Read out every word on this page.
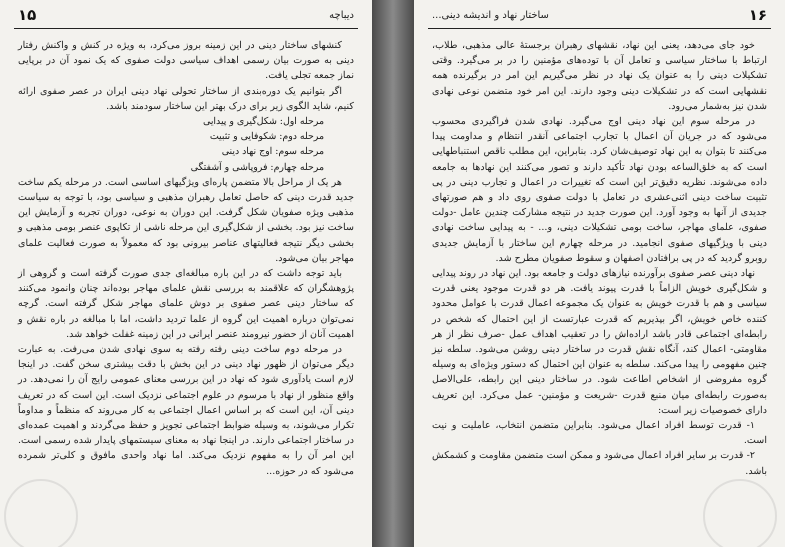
۱۵	دیباچه

کنشهای ساختار دینی در این زمینه بروز می‌کرد، به ویژه در کنش و واکنش رفتار دینی به صورت بیان رسمی اهداف سیاسی دولت صفوی که یک نمود آن در برپایی نماز جمعه تجلی یافت.

اگر بتوانیم یک دوره‌بندی از ساختار تحولی نهاد دینی ایران در عصر صفوی ارائه کنیم، شاید الگوی زیر برای درک بهتر این ساختار سودمند باشد.

مرحله اول: شکل‌گیری و پیدایی

مرحله دوم: شکوفایی و تثبیت

مرحله سوم: اوج نهاد دینی

مرحله چهارم: فروپاشی و آشفتگی

هر یک از مراحل بالا متضمن پاره‌ای ویژگیهای اساسی است. در مرحله یکم ساخت جدید قدرت دینی که حاصل تعامل رهبران مذهبی و سیاسی بود، با توجه به سیاست مذهبی ویژه صفویان شکل گرفت. این دوران به نوعی، دوران تجربه و آزمایش این ساخت نیز بود. بخشی از شکل‌گیری این مرحله ناشی از تکاپوی عنصر بومی مذهبی و بخشی دیگر نتیجه فعالیتهای عناصر بیرونی بود که معمولاً به صورت فعالیت علمای مهاجر بیان می‌شود.

باید توجه داشت که در این باره مبالغه‌ای جدی صورت گرفته است و گروهی از پژوهشگران که علاقمند به بررسی نقش علمای مهاجر بوده‌اند چنان وانمود می‌کنند که ساختار دینی عصر صفوی بر دوش علمای مهاجر شکل گرفته است. گرچه نمی‌توان درباره اهمیت این گروه از علما تردید داشت، اما با مبالغه در باره نقش و اهمیت آنان از حضور نیرومند عنصر ایرانی در این زمینه غفلت خواهد شد.

در مرحله دوم ساخت دینی رفته رفته به سوی نهادی شدن می‌رفت. به عبارت دیگر می‌توان از ظهور نهاد دینی در این بخش با دقت بیشتری سخن گفت. در اینجا لازم است یادآوری شود که نهاد در این بررسی معنای عمومی رایج آن را نمی‌دهد. در واقع منظور از نهاد با مرسوم در علوم اجتماعی نزدیک است. این است که در تعریف دینی آن، این است که بر اساس اعمال اجتماعی به کار می‌روند که منظماً و مداوماً تکرار می‌شوند، به وسیله ضوابط اجتماعی تجویز و حفظ می‌گردند و اهمیت عمده‌ای در ساختار اجتماعی دارند. در اینجا نهاد به معنای سیستمهای پایدار شده رسمی است. این امر آن را به مفهوم نزدیک می‌کند. اما نهاد واحدی مافوق و کلی‌تر شمرده می‌شود که در حوزه...

۱۶
ساختار نهاد و اندیشه دینی...

خود جای می‌دهد، یعنی این نهاد، نقشهای رهبران برجستهٔ عالی مذهبی، طلاب، ارتباط با ساختار سیاسی و تعامل آن با توده‌های مؤمنین را در بر می‌گیرد. وقتی تشکیلات دینی را به عنوان یک نهاد در نظر می‌گیریم این امر در برگیرنده همه نقشهایی است که در تشکیلات دینی وجود دارند. این امر خود متضمن نوعی نهادی شدن نیز به‌شمار می‌رود.

در مرحله سوم این نهاد دینی اوج می‌گیرد. نهادی شدن فراگیردی محسوب می‌شود که در جریان آن اعمال با تجارب اجتماعی آنقدر انتظام و مداومت پیدا می‌کنند تا بتوان به این نهاد توصیف‌شان کرد. بنابراین، این مطلب ناقص استنباطهایی است که به خلق‌الساعه بودن نهاد تأکید دارند و تصور می‌کنند این نهادها به جامعه داده می‌شوند. نظریه دقیق‌تر این است که تغییرات در اعمال و تجارب دینی در پی تثبیت ساخت دینی اثنی‌عشری در تعامل با دولت صفوی روی داد و هم صورتهای جدیدی از آنها به وجود آورد. این صورت جدید در نتیجه مشارکت چندین عامل -دولت صفوی، علمای مهاجر، ساخت بومی تشکیلات دینی، و... - به پیدایی ساخت نهادی دینی با ویژگیهای صفوی انجامید. در مرحله چهارم این ساختار با آزمایش جدیدی روبرو گردید که در پی برافتادن اصفهان و سقوط صفویان مطرح شد.

نهاد دینی عصر صفوی برآورنده نیازهای دولت و جامعه بود. این نهاد در روند پیدایی و شکل‌گیری خویش الزاماً با قدرت پیوند یافت. هر دو قدرت موجود یعنی قدرت سیاسی و هم با قدرت خویش به عنوان یک مجموعه اعمال قدرت با عوامل محدود کننده خاص خویش، اگر بپذیریم که قدرت عبارتست از این احتمال که شخص در رابطه‌ای اجتماعی قادر باشد اراده‌اش را در تعقیب اهداف عمل -صرف نظر از هر مقاومتی- اعمال کند، آنگاه نقش قدرت در ساختار دینی روشن می‌شود. سلطه نیز چنین مفهومی را پیدا می‌کند. سلطه به عنوان این احتمال که دستور ویژه‌ای به وسیله گروه مفروضی از اشخاص اطاعت شود. در ساختار دینی این رابطه، علی‌الاصل به‌صورت رابطه‌ای میان منبع قدرت -شریعت و مؤمنین- عمل می‌کرد. این تعریف دارای خصوصیات زیر است:

۱- قدرت توسط افراد اعمال می‌شود. بنابراین متضمن انتخاب، عاملیت و نیت است.

۲- قدرت بر سایر افراد اعمال می‌شود و ممکن است متضمن مقاومت و کشمکش باشد.
